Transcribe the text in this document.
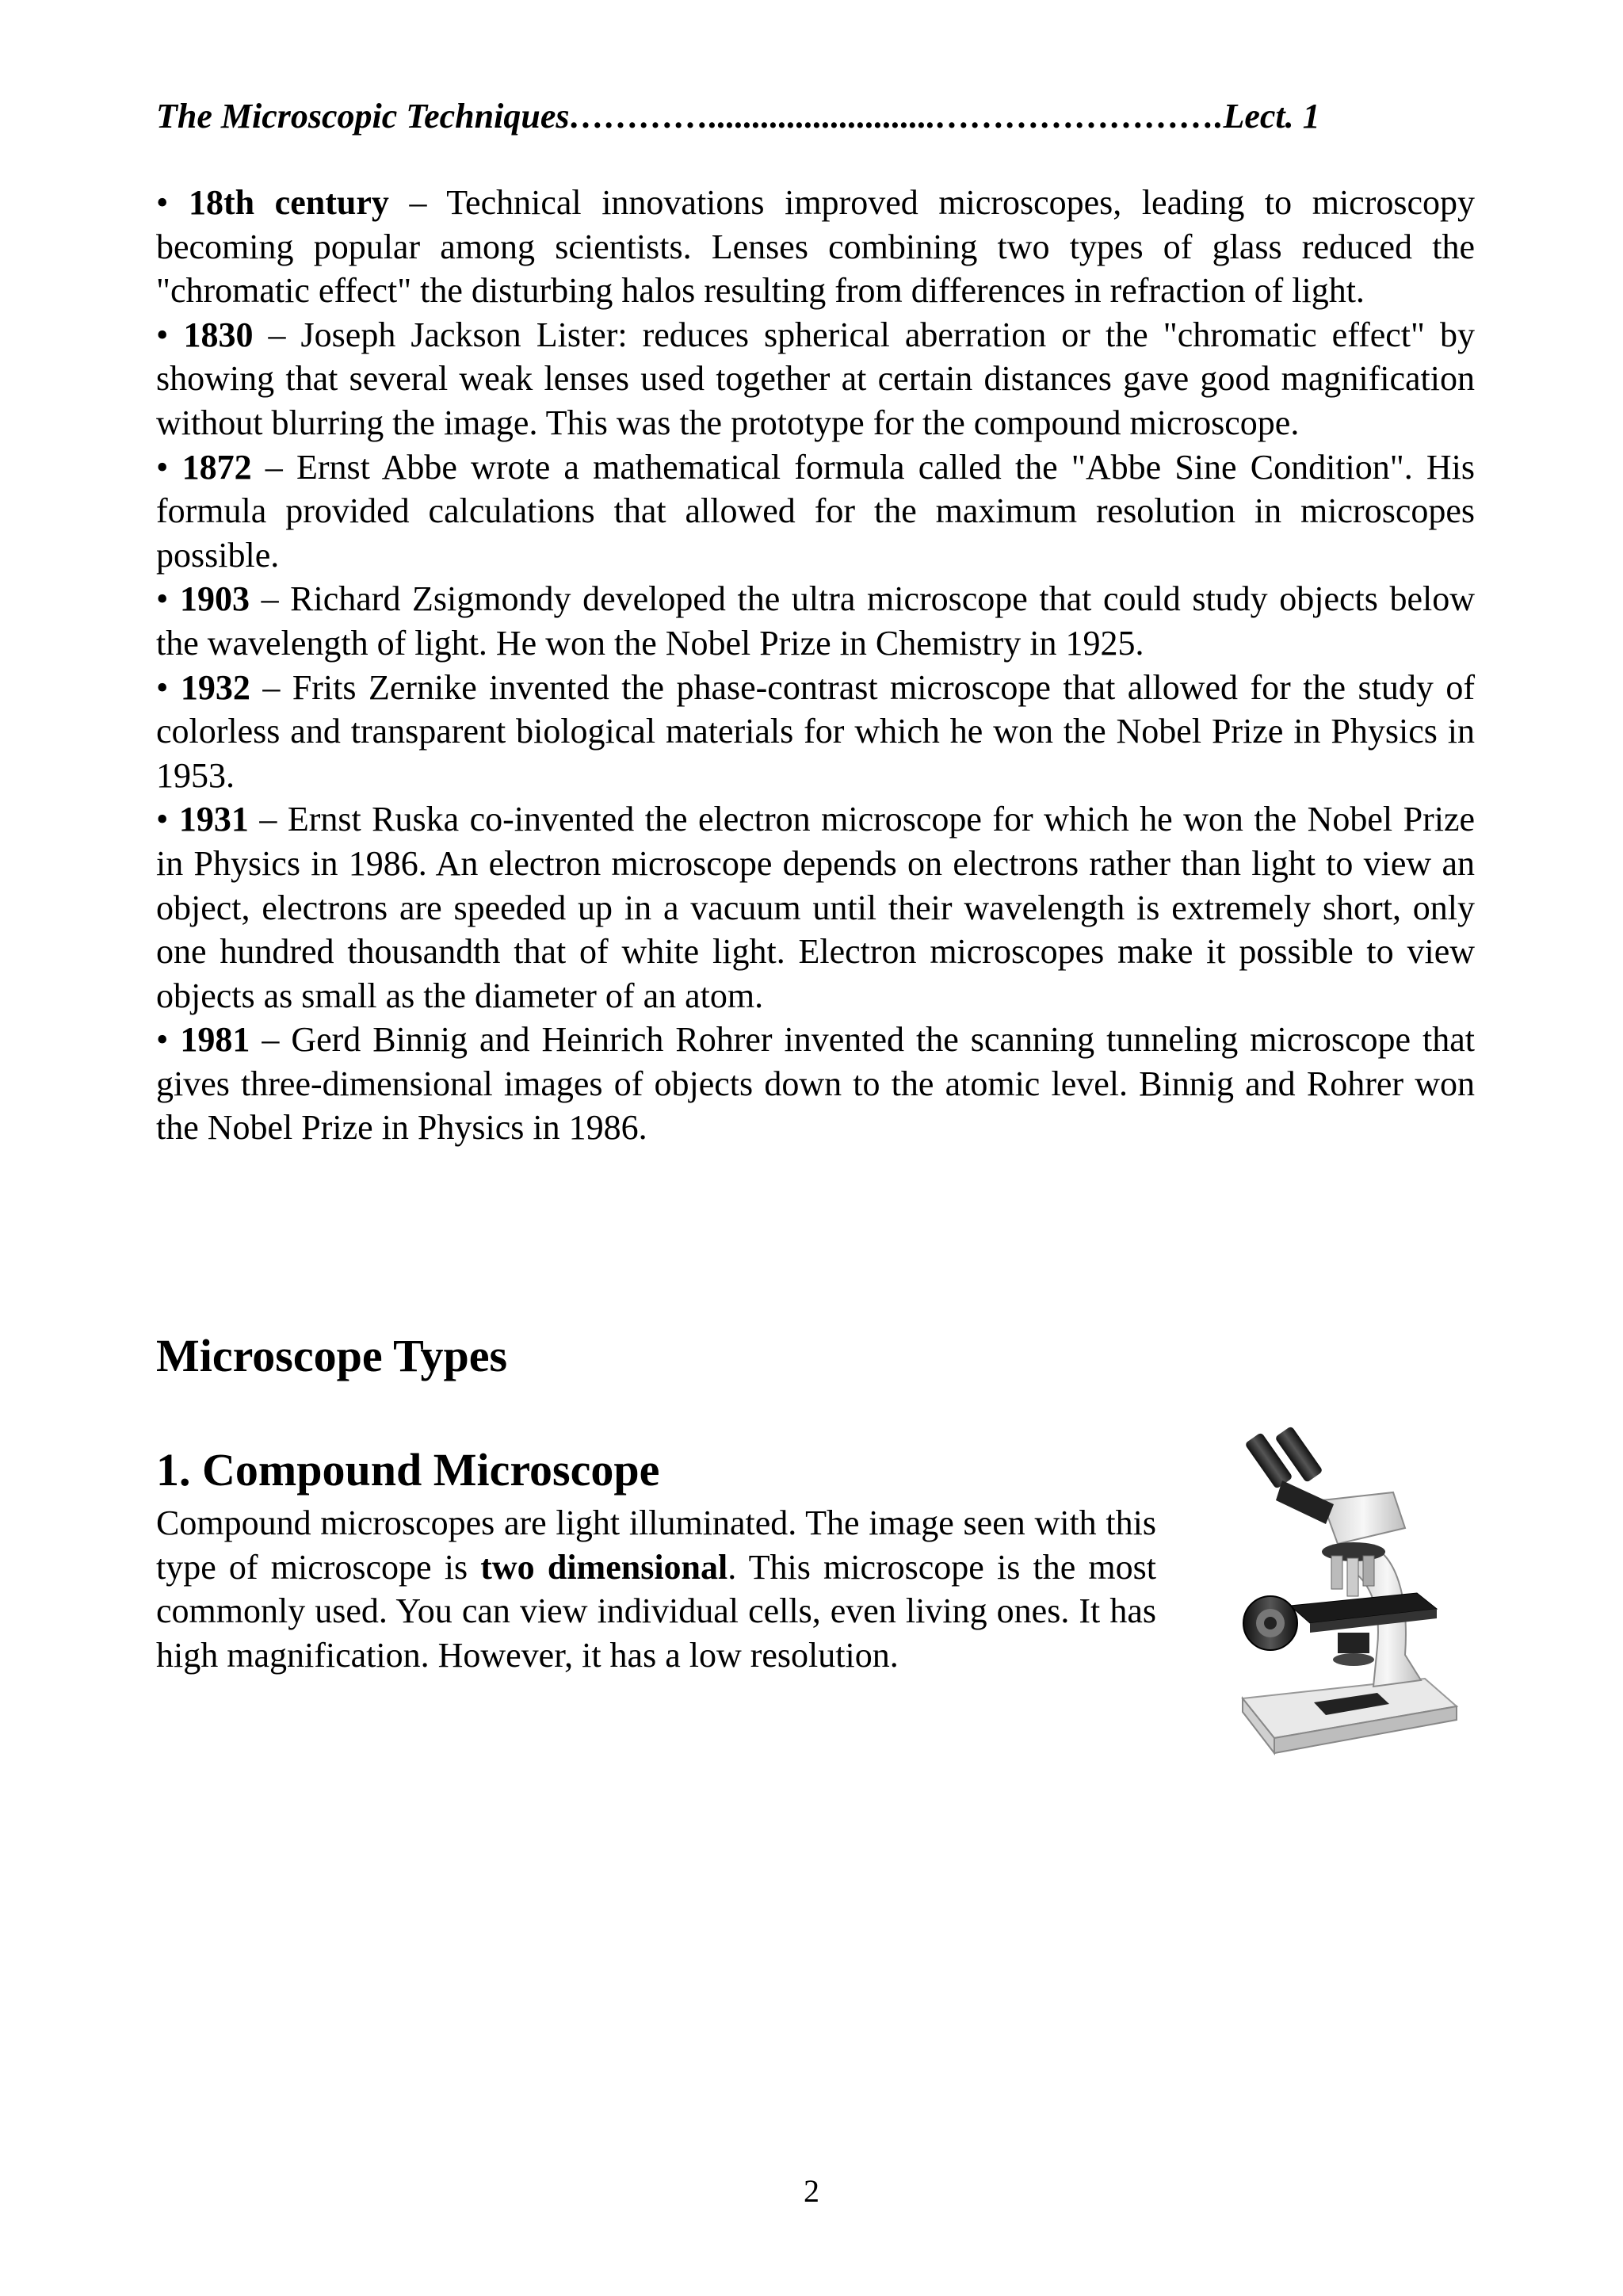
The Microscopic Techniques…………..........................…………………….Lect. 1

• 18th century – Technical innovations improved microscopes, leading to microscopy becoming popular among scientists. Lenses combining two types of glass reduced the "chromatic effect" the disturbing halos resulting from differences in refraction of light.

• 1830 – Joseph Jackson Lister: reduces spherical aberration or the "chromatic effect" by showing that several weak lenses used together at certain distances gave good magnification without blurring the image. This was the prototype for the compound microscope.

• 1872 – Ernst Abbe wrote a mathematical formula called the "Abbe Sine Condition". His formula provided calculations that allowed for the maximum resolution in microscopes possible.

• 1903 – Richard Zsigmondy developed the ultra microscope that could study objects below the wavelength of light. He won the Nobel Prize in Chemistry in 1925.

• 1932 – Frits Zernike invented the phase-contrast microscope that allowed for the study of colorless and transparent biological materials for which he won the Nobel Prize in Physics in 1953.

• 1931 – Ernst Ruska co-invented the electron microscope for which he won the Nobel Prize in Physics in 1986. An electron microscope depends on electrons rather than light to view an object, electrons are speeded up in a vacuum until their wavelength is extremely short, only one hundred thousandth that of white light. Electron microscopes make it possible to view objects as small as the diameter of an atom.

• 1981 – Gerd Binnig and Heinrich Rohrer invented the scanning tunneling microscope that gives three-dimensional images of objects down to the atomic level. Binnig and Rohrer won the Nobel Prize in Physics in 1986.

Microscope Types
1. Compound Microscope

Compound microscopes are light illuminated. The image seen with this type of microscope is two dimensional. This microscope is the most commonly used. You can view individual cells, even living ones. It has high magnification. However, it has a low resolution.

2
